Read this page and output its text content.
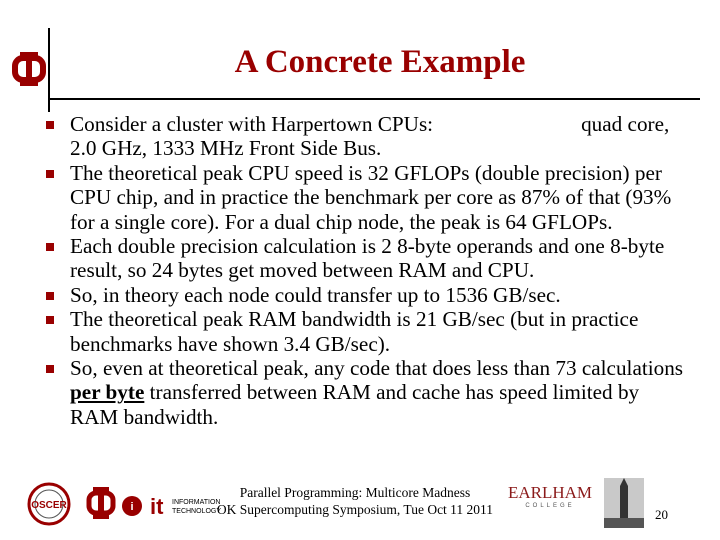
A Concrete Example
Consider a cluster with Harpertown CPUs:	quad core, 2.0 GHz, 1333 MHz Front Side Bus.
The theoretical peak CPU speed is 32 GFLOPs (double precision) per CPU chip, and in practice the benchmark per core as 87% of that (93% for a single core). For a dual chip node, the peak is 64 GFLOPs.
Each double precision calculation is 2 8-byte operands and one 8-byte result, so 24 bytes get moved between RAM and CPU.
So, in theory each node could transfer up to 1536 GB/sec.
The theoretical peak RAM bandwidth is 21 GB/sec (but in practice benchmarks have shown 3.4 GB/sec).
So, even at theoretical peak, any code that does less than 73 calculations per byte transferred between RAM and cache has speed limited by RAM bandwidth.
OSCER	i it INFORMATION
TECHNOLOGY
Parallel Programming: Multicore Madness
OK Supercomputing Symposium, Tue Oct 11 2011
EARLHAM
COLLEGE
20
